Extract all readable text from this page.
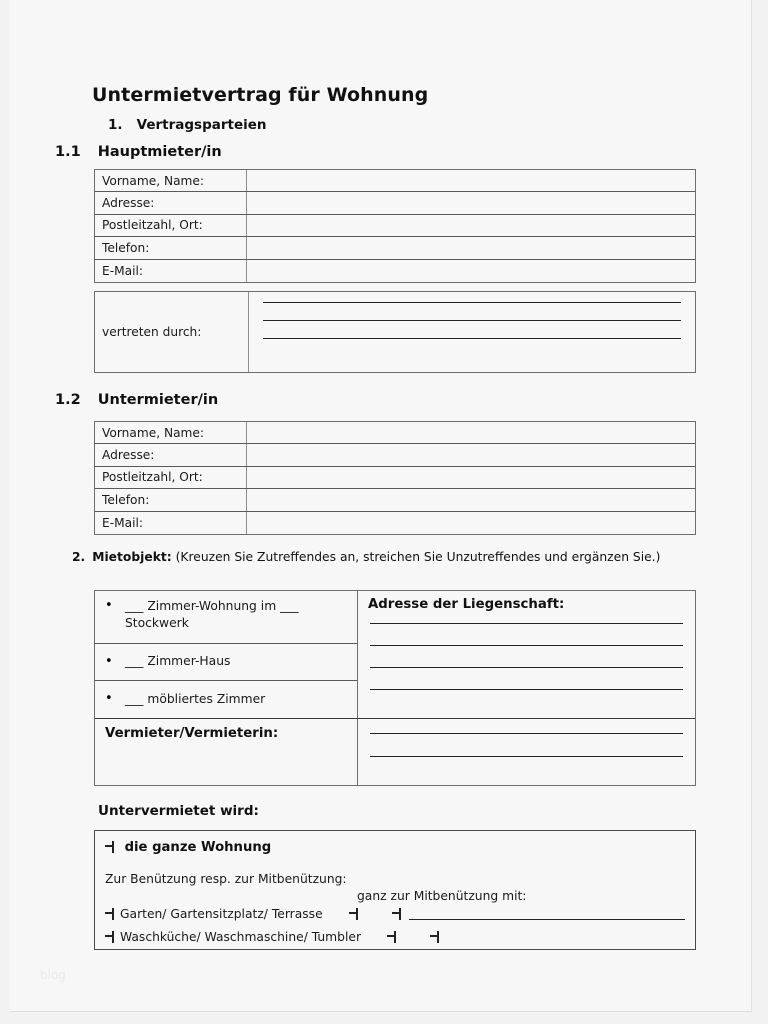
Untermietvertrag für Wohnung
1. Vertragsparteien
1.1 Hauptmieter/in
Vorname, Name:
Adresse:
Postleitzahl, Ort:
Telefon:
E-Mail:
vertreten durch:
1.2 Untermieter/in
Vorname, Name:
Adresse:
Postleitzahl, Ort:
Telefon:
E-Mail:
2. Mietobjekt: (Kreuzen Sie Zutreffendes an, streichen Sie Unzutreffendes und ergänzen Sie.)
•	___ Zimmer-Wohnung im ___ Stockwerk
•	___ Zimmer-Haus
•	___ möbliertes Zimmer
Adresse der Liegenschaft:
Vermieter/Vermieterin:
Untervermietet wird:
die ganze Wohnung
Zur Benützung resp. zur Mitbenützung:
ganz zur Mitbenützung mit:
Garten/ Gartensitzplatz/ Terrasse
Waschküche/ Waschmaschine/ Tumbler
blog
